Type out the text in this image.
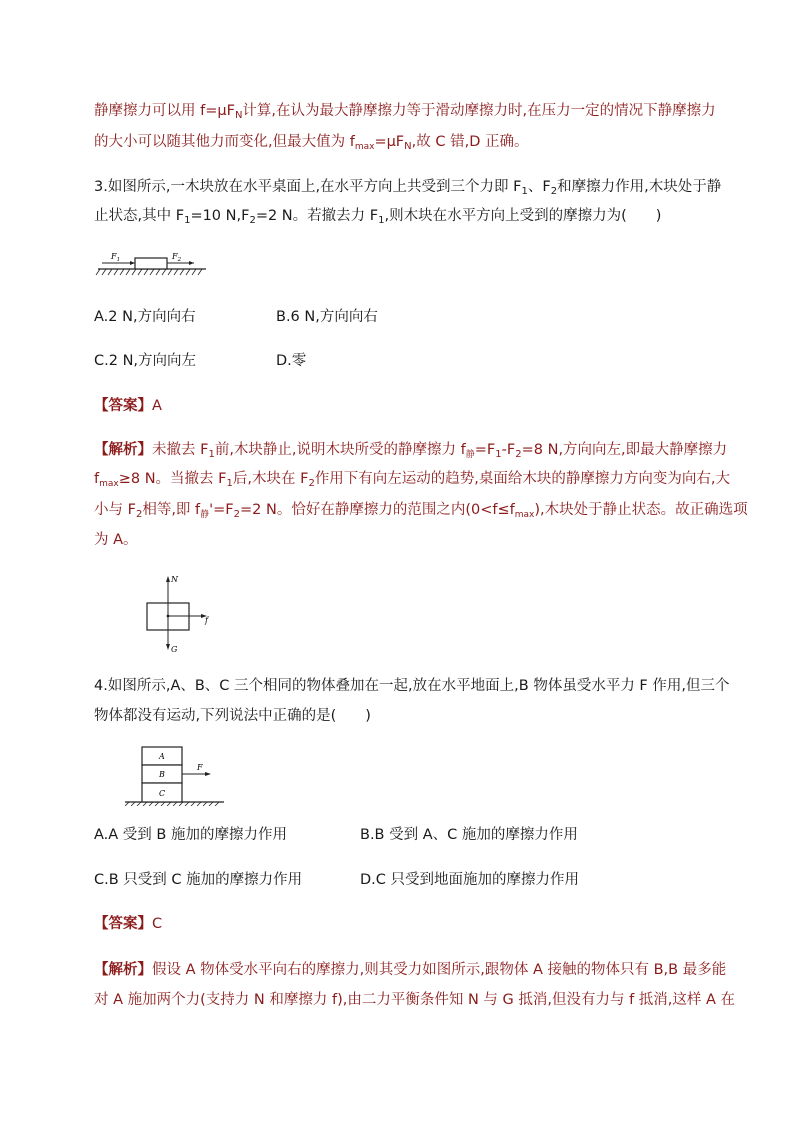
静摩擦力可以用 $f=\mu F_N$计算,在认为最大静摩擦力等于滑动摩擦力时,在压力一定的情况下静摩擦力
的大小可以随其他力而变化,但最大值为 $f_{max}=\mu F_N$,故 C 错,D 正确。
3.如图所示,一木块放在水平桌面上,在水平方向上共受到三个力即 $F_1$、$F_2$和摩擦力作用,木块处于静
止状态,其中 $F_1=10$ $N,F_2=2$ N。若撤去力 $F_1$,则木块在水平方向上受到的摩擦力为(　　)
$F_1$	$F_2$
A.2 N,方向向右	B.6 N,方向向右
C.2 N,方向向左	D.零
【答案】A
【解析】未撤去 $F_1$前,木块静止,说明木块所受的静摩擦力 $f_静=F_1-F_2=8$ N,方向向左,即最大静摩擦力
$f_{max}\ge 8$ N。当撤去 $F_1$后,木块在 $F_2$作用下有向左运动的趋势,桌面给木块的静摩擦力方向变为向右,大
小与 $F_2$相等,即 $f_静'=F_2=2$ N。恰好在静摩擦力的范围之内$(0<f\le f_{max})$,木块处于静止状态。故正确选项
为 A。
N
f
G
4.如图所示,A、B、C 三个相同的物体叠加在一起,放在水平地面上,B 物体虽受水平力 F 作用,但三个
物体都没有运动,下列说法中正确的是(　　)
A
B
C
F
A.A 受到 B 施加的摩擦力作用	B.B 受到 A、C 施加的摩擦力作用
C.B 只受到 C 施加的摩擦力作用	D.C 只受到地面施加的摩擦力作用
【答案】C
【解析】假设 A 物体受水平向右的摩擦力,则其受力如图所示,跟物体 A 接触的物体只有 B,B 最多能
对 A 施加两个力(支持力 N 和摩擦力 f),由二力平衡条件知 N 与 G 抵消,但没有力与 f 抵消,这样 A 在
